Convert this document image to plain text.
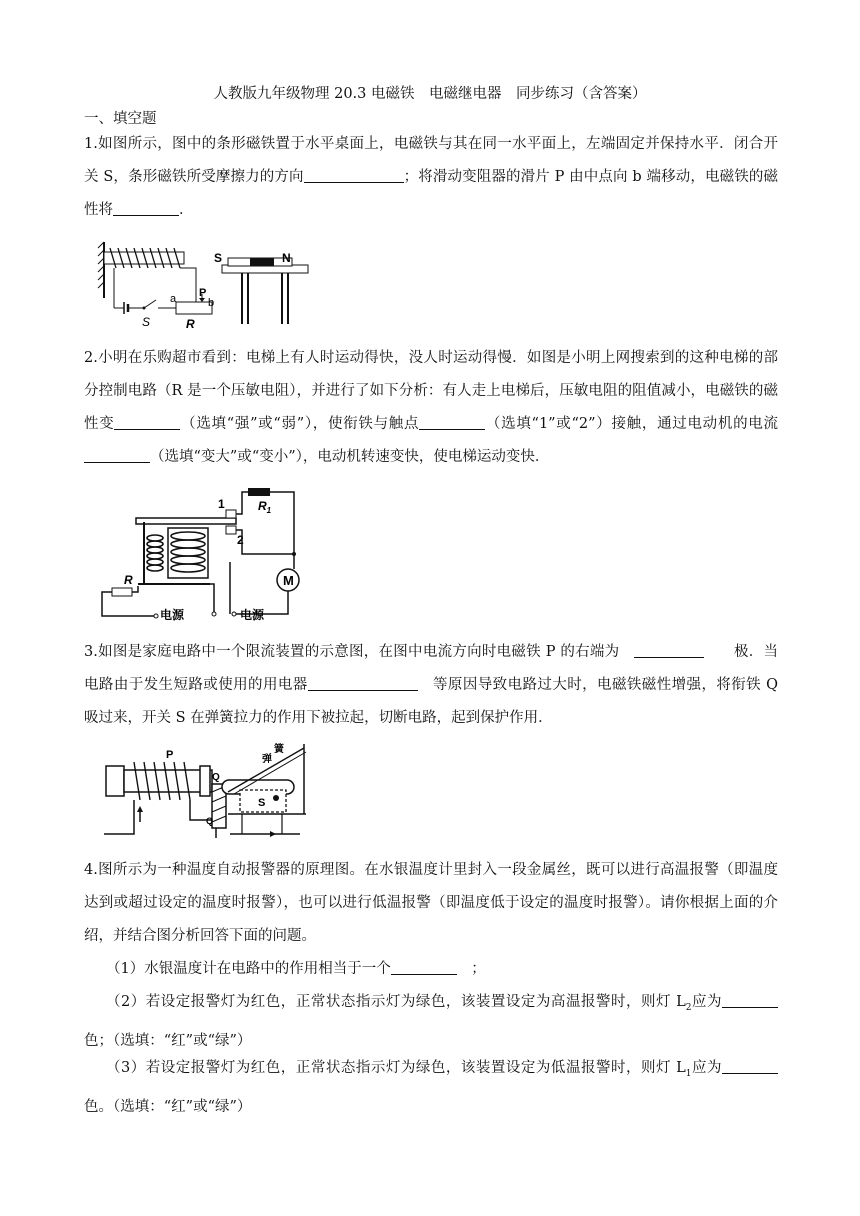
人教版九年级物理 20.3 电磁铁　电磁继电器　同步练习（含答案）
一、填空题
1.如图所示，图中的条形磁铁置于水平桌面上，电磁铁与其在同一水平面上，左端固定并保持水平．闭合开关 S，条形磁铁所受摩擦力的方向	；将滑动变阻器的滑片 P 由中点向 b 端移动，电磁铁的磁性将	．
S
a P
b
R
S	N
2.小明在乐购超市看到：电梯上有人时运动得快，没人时运动得慢．如图是小明上网搜索到的这种电梯的部分控制电路（R 是一个压敏电阻），并进行了如下分析：有人走上电梯后，压敏电阻的阻值减小，电磁铁的磁性变	（选填“强”或“弱”），使衔铁与触点	（选填“1”或“2”）接触，通过电动机的电流（选填“变大”或“变小”），电动机转速变快，使电梯运动变快．
1
2
$R_1$
M
电源
电源
R
3.如图是家庭电路中一个限流装置的示意图，在图中电流方向时电磁铁 P 的右端为　　　	极．当电路由于发生短路或使用的用电器　	等原因导致电路过大时，电磁铁磁性增强，将衔铁 Q 吸过来，开关 S 在弹簧拉力的作用下被拉起，切断电路，起到保护作用．
P
Q
Q
弹
簧
S
4.图所示为一种温度自动报警器的原理图。在水银温度计里封入一段金属丝，既可以进行高温报警（即温度达到或超过设定的温度时报警），也可以进行低温报警（即温度低于设定的温度时报警）。请你根据上面的介绍，并结合图分析回答下面的问题。
（1）水银温度计在电路中的作用相当于一个　	；
（2）若设定报警灯为红色，正常状态指示灯为绿色，该装置设定为高温报警时，则灯 $L_2$应为色；（选填：“红”或“绿”）
（3）若设定报警灯为红色，正常状态指示灯为绿色，该装置设定为低温报警时，则灯 $L_1$应为色。（选填：“红”或“绿”）
